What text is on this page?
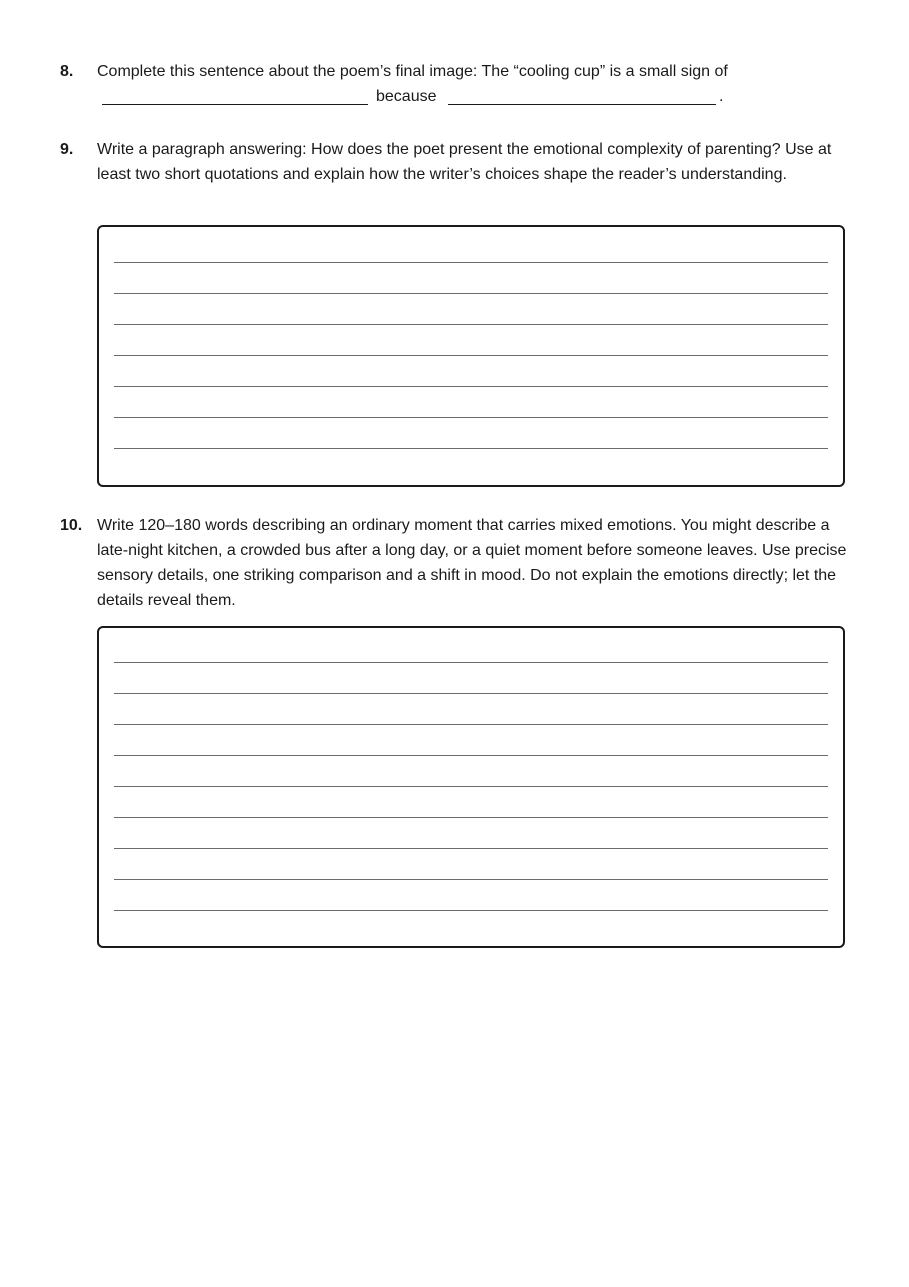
8. Complete this sentence about the poem’s final image: The “cooling cup” is a small sign of
because	.
9. Write a paragraph answering: How does the poet present the emotional complexity of parenting? Use at least two short quotations and explain how the writer’s choices shape the reader’s understanding.
10. Write 120–180 words describing an ordinary moment that carries mixed emotions. You might describe a late-night kitchen, a crowded bus after a long day, or a quiet moment before someone leaves. Use precise sensory details, one striking comparison and a shift in mood. Do not explain the emotions directly; let the details reveal them.
